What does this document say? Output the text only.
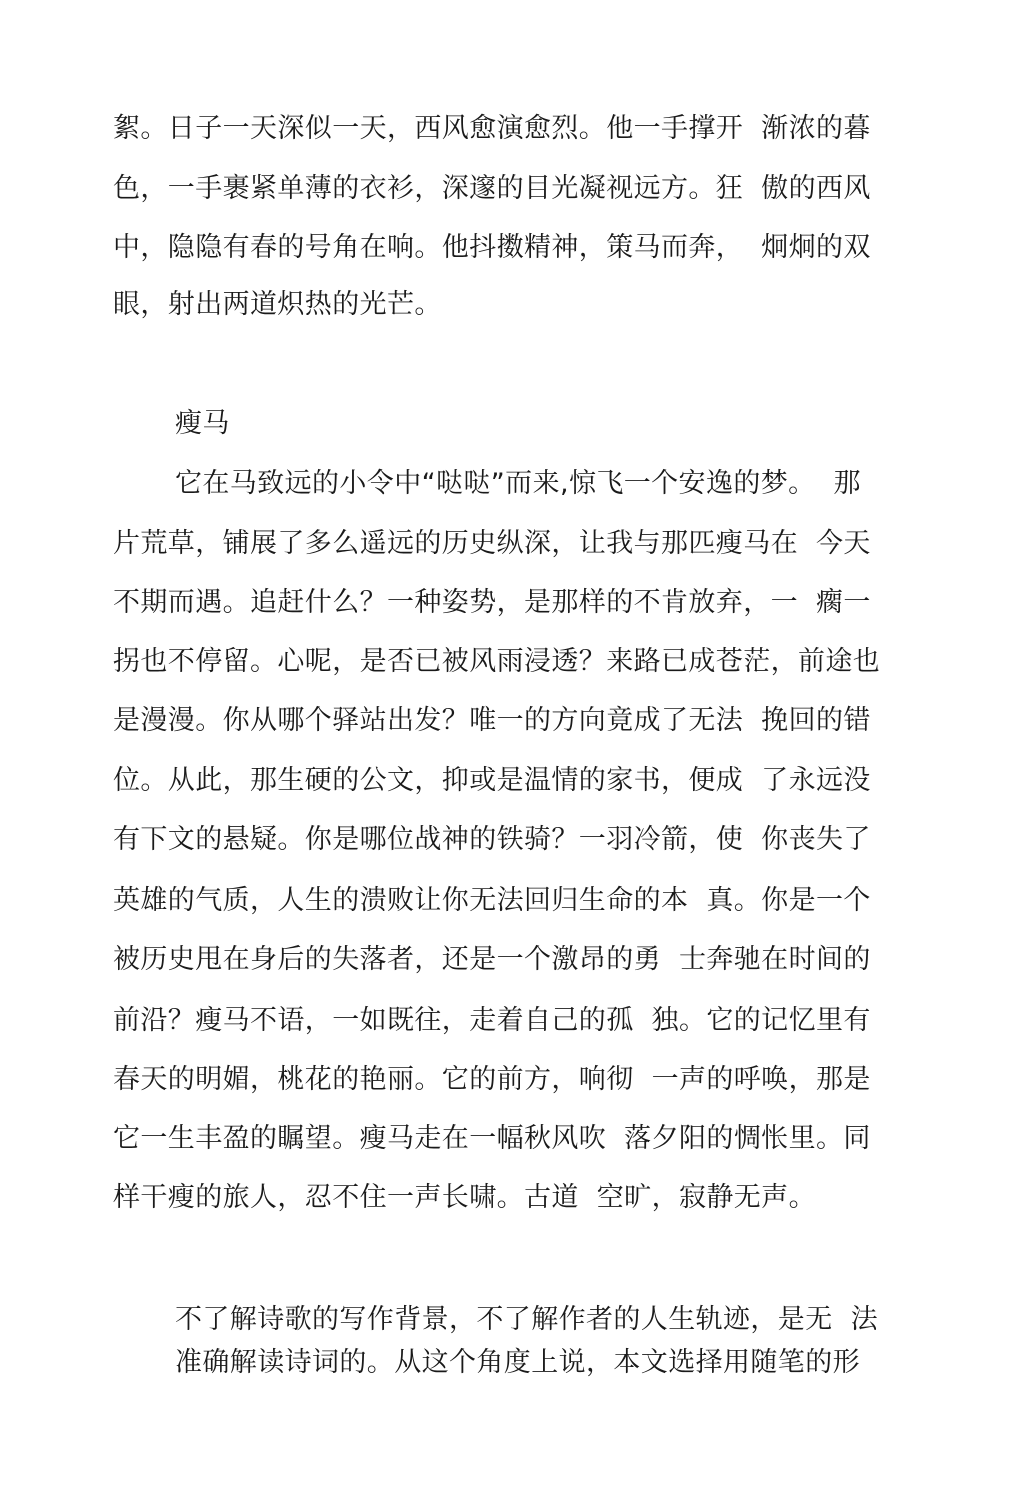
絮。日子一天深似一天，西风愈演愈烈。他一手撑开  渐浓的暮
色，一手裹紧单薄的衣衫，深邃的目光凝视远方。狂  傲的西风
中，隐隐有春的号角在响。他抖擞精神，策马而奔，  炯炯的双
眼，射出两道炽热的光芒。
瘦马
它在马致远的小令中“哒哒”而来,惊飞一个安逸的梦。  那
片荒草，铺展了多么遥远的历史纵深，让我与那匹瘦马在  今天
不期而遇。追赶什么？一种姿势，是那样的不肯放弃，一  瘸一
拐也不停留。心呢，是否已被风雨浸透？来路已成苍茫，前途也
是漫漫。你从哪个驿站出发？唯一的方向竟成了无法  挽回的错
位。从此，那生硬的公文，抑或是温情的家书，便成  了永远没
有下文的悬疑。你是哪位战神的铁骑？一羽冷箭，使  你丧失了
英雄的气质，人生的溃败让你无法回归生命的本  真。你是一个
被历史甩在身后的失落者，还是一个激昂的勇  士奔驰在时间的
前沿？瘦马不语，一如既往，走着自己的孤  独。它的记忆里有
春天的明媚，桃花的艳丽。它的前方，响彻  一声的呼唤，那是
它一生丰盈的瞩望。瘦马走在一幅秋风吹  落夕阳的惆怅里。同
样干瘦的旅人，忍不住一声长啸。古道  空旷，寂静无声。
不了解诗歌的写作背景，不了解作者的人生轨迹，是无  法
准确解读诗词的。从这个角度上说，本文选择用随笔的形
